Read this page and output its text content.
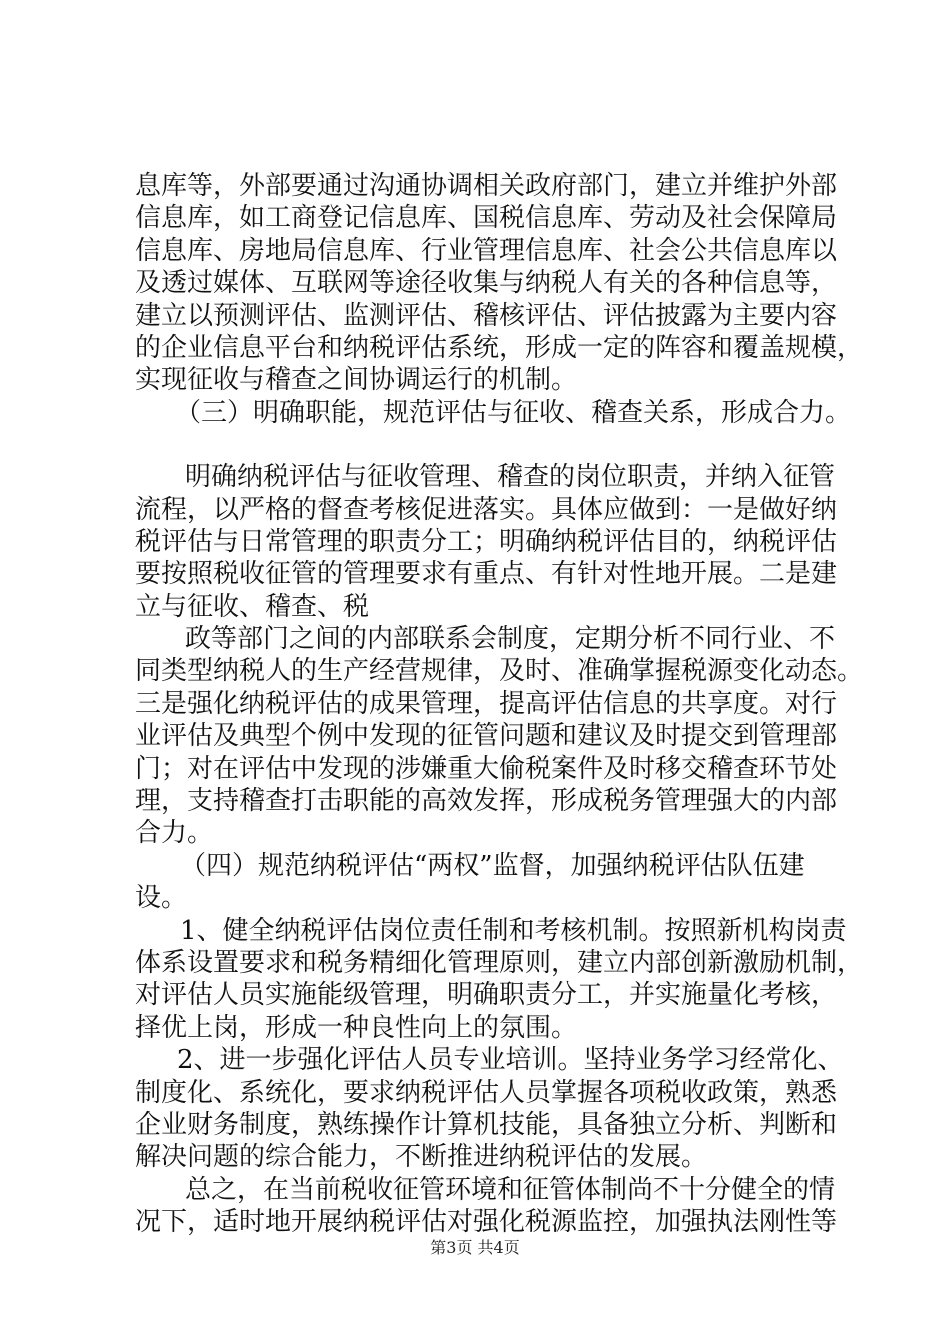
息库等，外部要通过沟通协调相关政府部门，建立并维护外部
信息库，如工商登记信息库、国税信息库、劳动及社会保障局
信息库、房地局信息库、行业管理信息库、社会公共信息库以
及透过媒体、互联网等途径收集与纳税人有关的各种信息等，
建立以预测评估、监测评估、稽核评估、评估披露为主要内容
的企业信息平台和纳税评估系统，形成一定的阵容和覆盖规模，
实现征收与稽查之间协调运行的机制。
（三）明确职能，规范评估与征收、稽查关系，形成合力。
明确纳税评估与征收管理、稽查的岗位职责，并纳入征管
流程，以严格的督查考核促进落实。具体应做到：一是做好纳
税评估与日常管理的职责分工；明确纳税评估目的，纳税评估
要按照税收征管的管理要求有重点、有针对性地开展。二是建
立与征收、稽查、税
政等部门之间的内部联系会制度，定期分析不同行业、不
同类型纳税人的生产经营规律，及时、准确掌握税源变化动态。
三是强化纳税评估的成果管理，提高评估信息的共享度。对行
业评估及典型个例中发现的征管问题和建议及时提交到管理部
门；对在评估中发现的涉嫌重大偷税案件及时移交稽查环节处
理，支持稽查打击职能的高效发挥，形成税务管理强大的内部
合力。
（四）规范纳税评估“两权”监督，加强纳税评估队伍建
设。
1、健全纳税评估岗位责任制和考核机制。按照新机构岗责
体系设置要求和税务精细化管理原则，建立内部创新激励机制，
对评估人员实施能级管理，明确职责分工，并实施量化考核，
择优上岗，形成一种良性向上的氛围。
2、进一步强化评估人员专业培训。坚持业务学习经常化、
制度化、系统化，要求纳税评估人员掌握各项税收政策，熟悉
企业财务制度，熟练操作计算机技能，具备独立分析、判断和
解决问题的综合能力，不断推进纳税评估的发展。
总之，在当前税收征管环境和征管体制尚不十分健全的情
况下，适时地开展纳税评估对强化税源监控，加强执法刚性等
第3页 共4页
